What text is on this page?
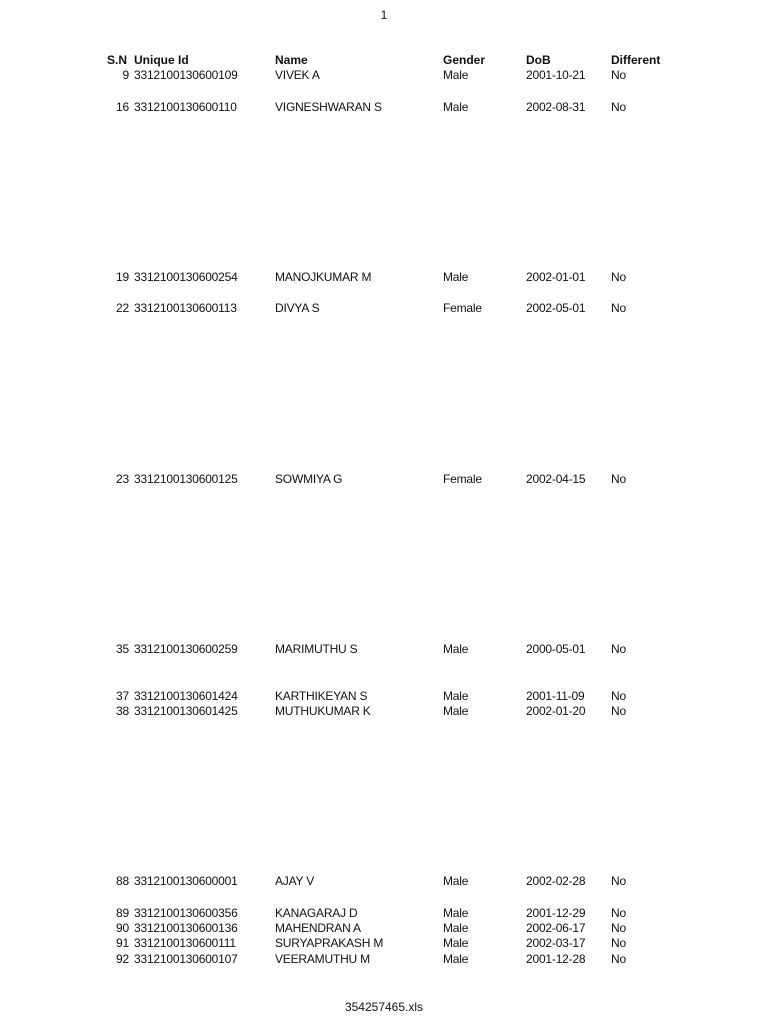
1
S.N Unique Id	Name	Gender	DoB	Different
9 3312100130600109	VIVEK A	Male	2001-10-21 No
16 3312100130600110	VIGNESHWARAN S	Male	2002-08-31 No
19 3312100130600254	MANOJKUMAR M	Male	2002-01-01 No
22 3312100130600113	DIVYA S	Female	2002-05-01 No
23 3312100130600125	SOWMIYA G	Female	2002-04-15 No
35 3312100130600259	MARIMUTHU S	Male	2000-05-01 No
37 3312100130601424	KARTHIKEYAN S	Male	2001-11-09 No
38 3312100130601425	MUTHUKUMAR K	Male	2002-01-20 No
88 3312100130600001	AJAY V	Male	2002-02-28 No
89 3312100130600356	KANAGARAJ D	Male	2001-12-29 No
90 3312100130600136	MAHENDRAN A	Male	2002-06-17 No
91 3312100130600111	SURYAPRAKASH M	Male	2002-03-17 No
92 3312100130600107	VEERAMUTHU M	Male	2001-12-28 No
354257465.xls
